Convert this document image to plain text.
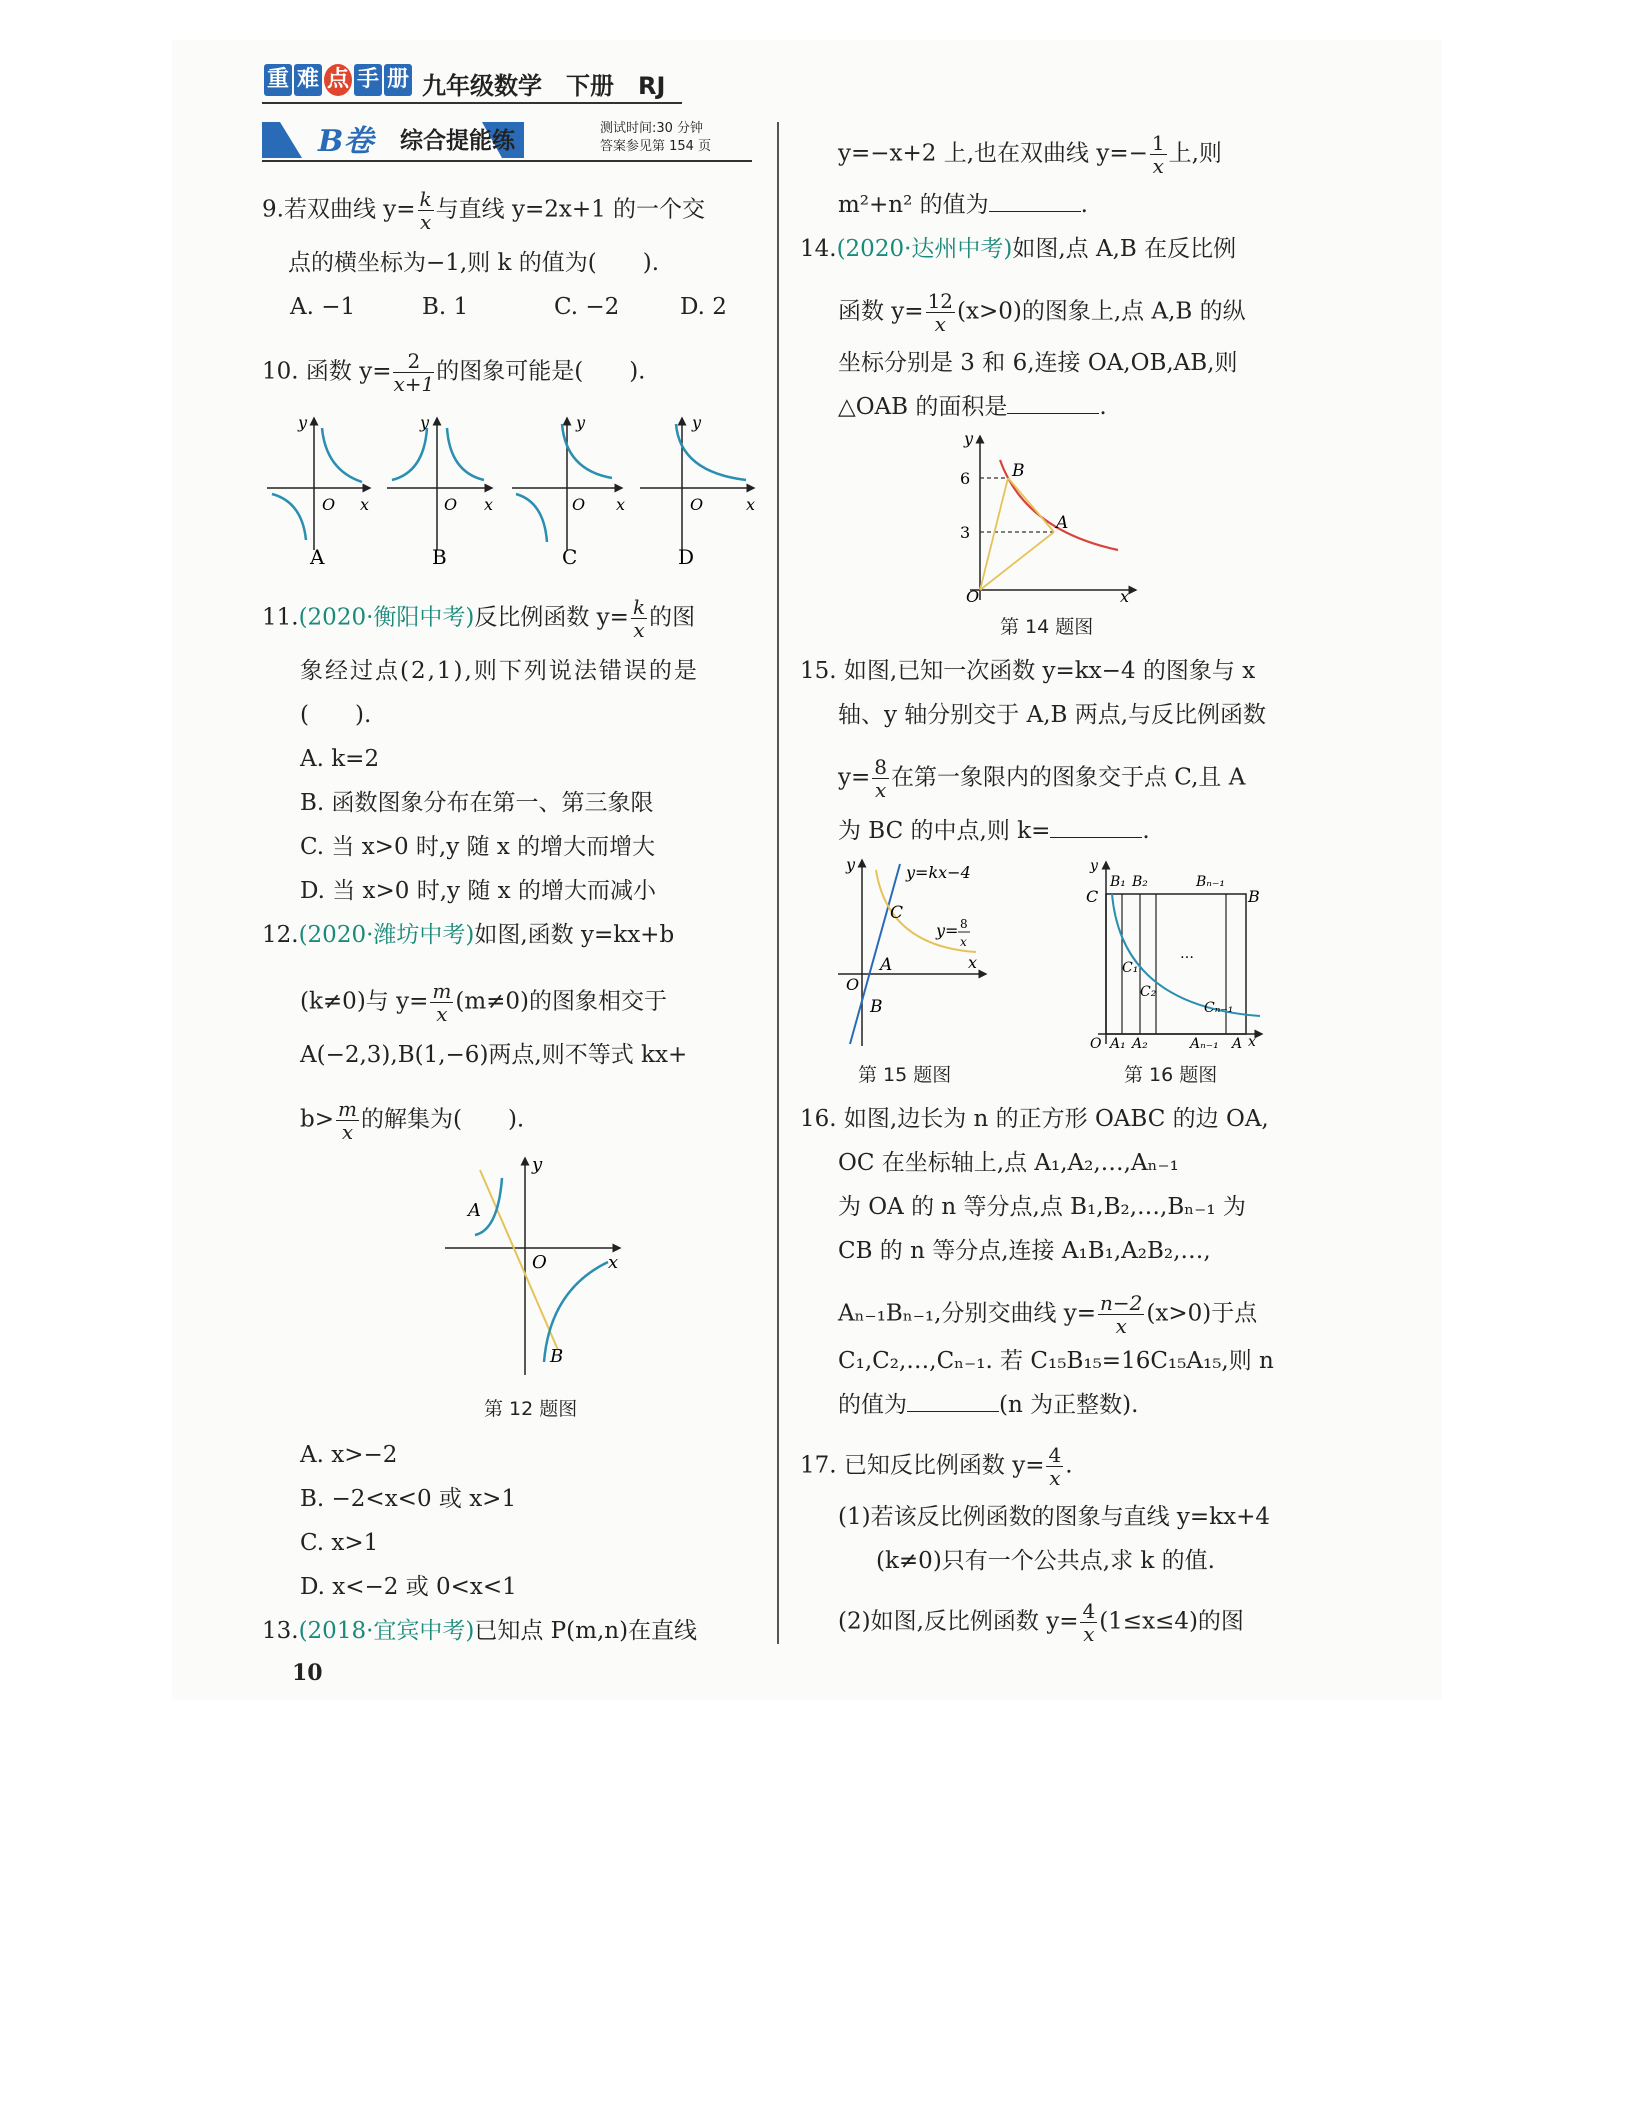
重 难 点 手 册 九年级数学　下册　RJ
B卷 综合提能练	测试时间:30 分钟
答案参见第 154 页
9.若双曲线 $y= \frac{k}{x}$ 与直线 y=2x+1 的一个交
点的横坐标为−1,则 k 的值为(　　).
A. −1	B. 1	C. −2	D. 2
10. 函数 $y= \frac{2}{x+1}$ 的图象可能是(　　).
O x
y
O x
y
O x
y
O	x
y
A	B	C	D
11.(2020·衡阳中考)反比例函数 $y= \frac{k}{x}$ 的图
象经过点(2,1),则下列说法错误的是
(　　).
A. k=2
B. 函数图象分布在第一、第三象限
C. 当 x>0 时,y 随 x 的增大而增大
D. 当 x>0 时,y 随 x 的增大而减小
12.(2020·潍坊中考)如图,函数 y=kx+b
(k≠0)与 $y= \frac{m}{x} (m\ne 0)$的图象相交于
A(−2,3),B(1,−6)两点,则不等式 kx+
$b> \frac{m}{x}$ 的解集为(　　).
A
O	x
y
B
第 12 题图
A. x>−2
B. −2<x<0 或 x>1
C. x>1
D. x<−2 或 0<x<1
13.(2018·宜宾中考)已知点 P(m,n)在直线
10
y=−x+2 上,也在双曲线 $y=- \frac{1}{x}$ 上,则
m²+n² 的值为	.
14.(2020·达州中考)如图,点 A,B 在反比例
函数 $y= \frac{12}{x} (x>0)$的图象上,点 A,B 的纵
坐标分别是 3 和 6,连接 OA,OB,AB,则
△OAB 的面积是	.
6
3
B
A
O	x
y
第 14 题图
15. 如图,已知一次函数 y=kx−4 的图象与 x
轴、y 轴分别交于 A,B 两点,与反比例函数
$y= \frac{8}{x}$ 在第一象限内的图象交于点 C,且 A
为 BC 的中点,则 k=	.
y=kx−4
y= 8
x
C
A
B
O
x
y
第 15 题图
C
B₁ B₂	Bₙ₋₁
B
C₁
C₂
…
Cₙ₋₁
O A₁ A₂	Aₙ₋₁ A x
y
第 16 题图
16. 如图,边长为 n 的正方形 OABC 的边 OA,
OC 在坐标轴上,点 A₁,A₂,…,Aₙ₋₁
为 OA 的 n 等分点,点 B₁,B₂,…,Bₙ₋₁ 为
CB 的 n 等分点,连接 A₁B₁,A₂B₂,…,
Aₙ₋₁Bₙ₋₁,分别交曲线 $y= \frac{n-2}{x} (x>0)$于点
C₁,C₂,…,Cₙ₋₁. 若 C₁₅B₁₅=16C₁₅A₁₅,则 n
的值为	(n 为正整数).
17. 已知反比例函数 $y= \frac{4}{x}$ .
(1)若该反比例函数的图象与直线 y=kx+4
(k≠0)只有一个公共点,求 k 的值.
(2)如图,反比例函数 $y= \frac{4}{x} (1\le x\le 4)$的图
